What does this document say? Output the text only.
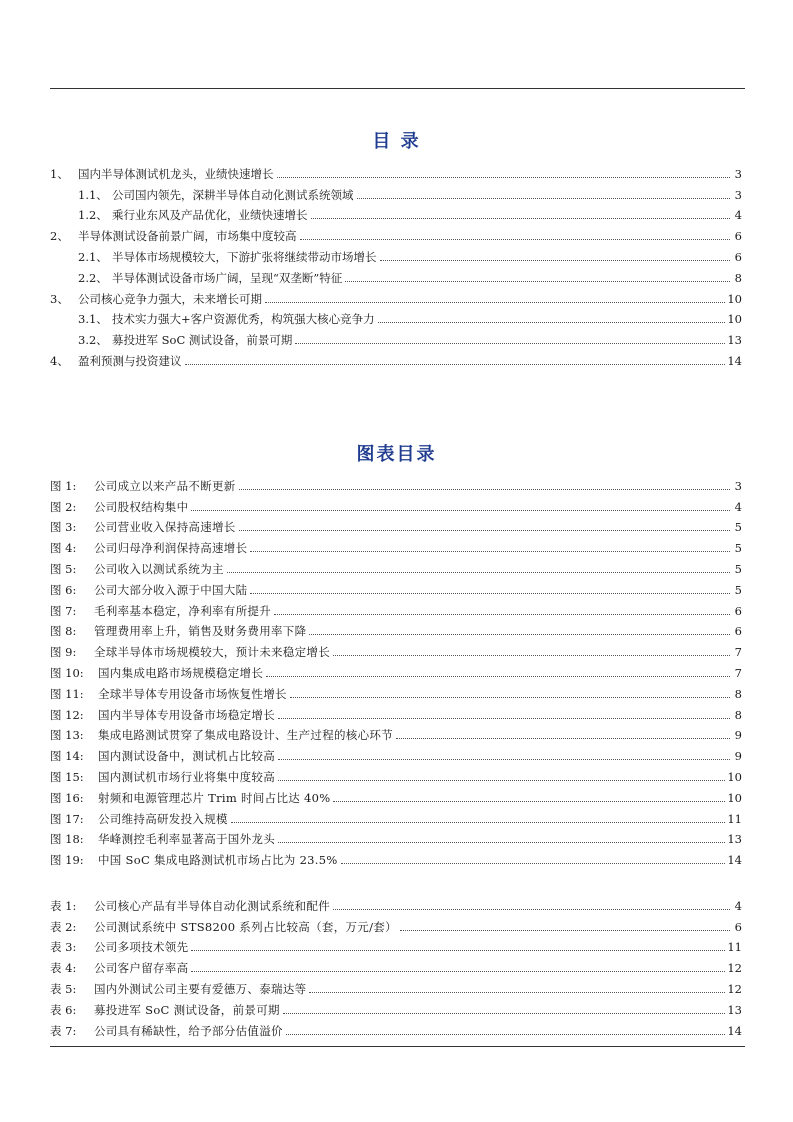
目 录
1、 国内半导体测试机龙头，业绩快速增长	3
1.1、 公司国内领先，深耕半导体自动化测试系统领域	3
1.2、 乘行业东风及产品优化，业绩快速增长	4
2、 半导体测试设备前景广阔，市场集中度较高	6
2.1、 半导体市场规模较大，下游扩张将继续带动市场增长	6
2.2、 半导体测试设备市场广阔，呈现“双垄断”特征	8
3、 公司核心竞争力强大，未来增长可期	10
3.1、 技术实力强大+客户资源优秀，构筑强大核心竞争力	10
3.2、 募投进军 SoC 测试设备，前景可期	13
4、 盈利预测与投资建议	14
图表目录
图 1:	公司成立以来产品不断更新	3
图 2:	公司股权结构集中	4
图 3:	公司营业收入保持高速增长	5
图 4:	公司归母净利润保持高速增长	5
图 5:	公司收入以测试系统为主	5
图 6:	公司大部分收入源于中国大陆	5
图 7:	毛利率基本稳定，净利率有所提升	6
图 8:	管理费用率上升，销售及财务费用率下降	6
图 9:	全球半导体市场规模较大，预计未来稳定增长	7
图 10:	国内集成电路市场规模稳定增长	7
图 11:	全球半导体专用设备市场恢复性增长	8
图 12:	国内半导体专用设备市场稳定增长	8
图 13:	集成电路测试贯穿了集成电路设计、生产过程的核心环节	9
图 14:	国内测试设备中，测试机占比较高	9
图 15:	国内测试机市场行业将集中度较高	10
图 16:	射频和电源管理芯片 Trim 时间占比达 40%	10
图 17:	公司维持高研发投入规模	11
图 18:	华峰测控毛利率显著高于国外龙头	13
图 19:	中国 SoC 集成电路测试机市场占比为 23.5%	14
表 1:	公司核心产品有半导体自动化测试系统和配件	4
表 2:	公司测试系统中 STS8200 系列占比较高（套，万元/套）	6
表 3:	公司多项技术领先	11
表 4:	公司客户留存率高	12
表 5:	国内外测试公司主要有爱德万、泰瑞达等	12
表 6:	募投进军 SoC 测试设备，前景可期	13
表 7:	公司具有稀缺性，给予部分估值溢价	14
